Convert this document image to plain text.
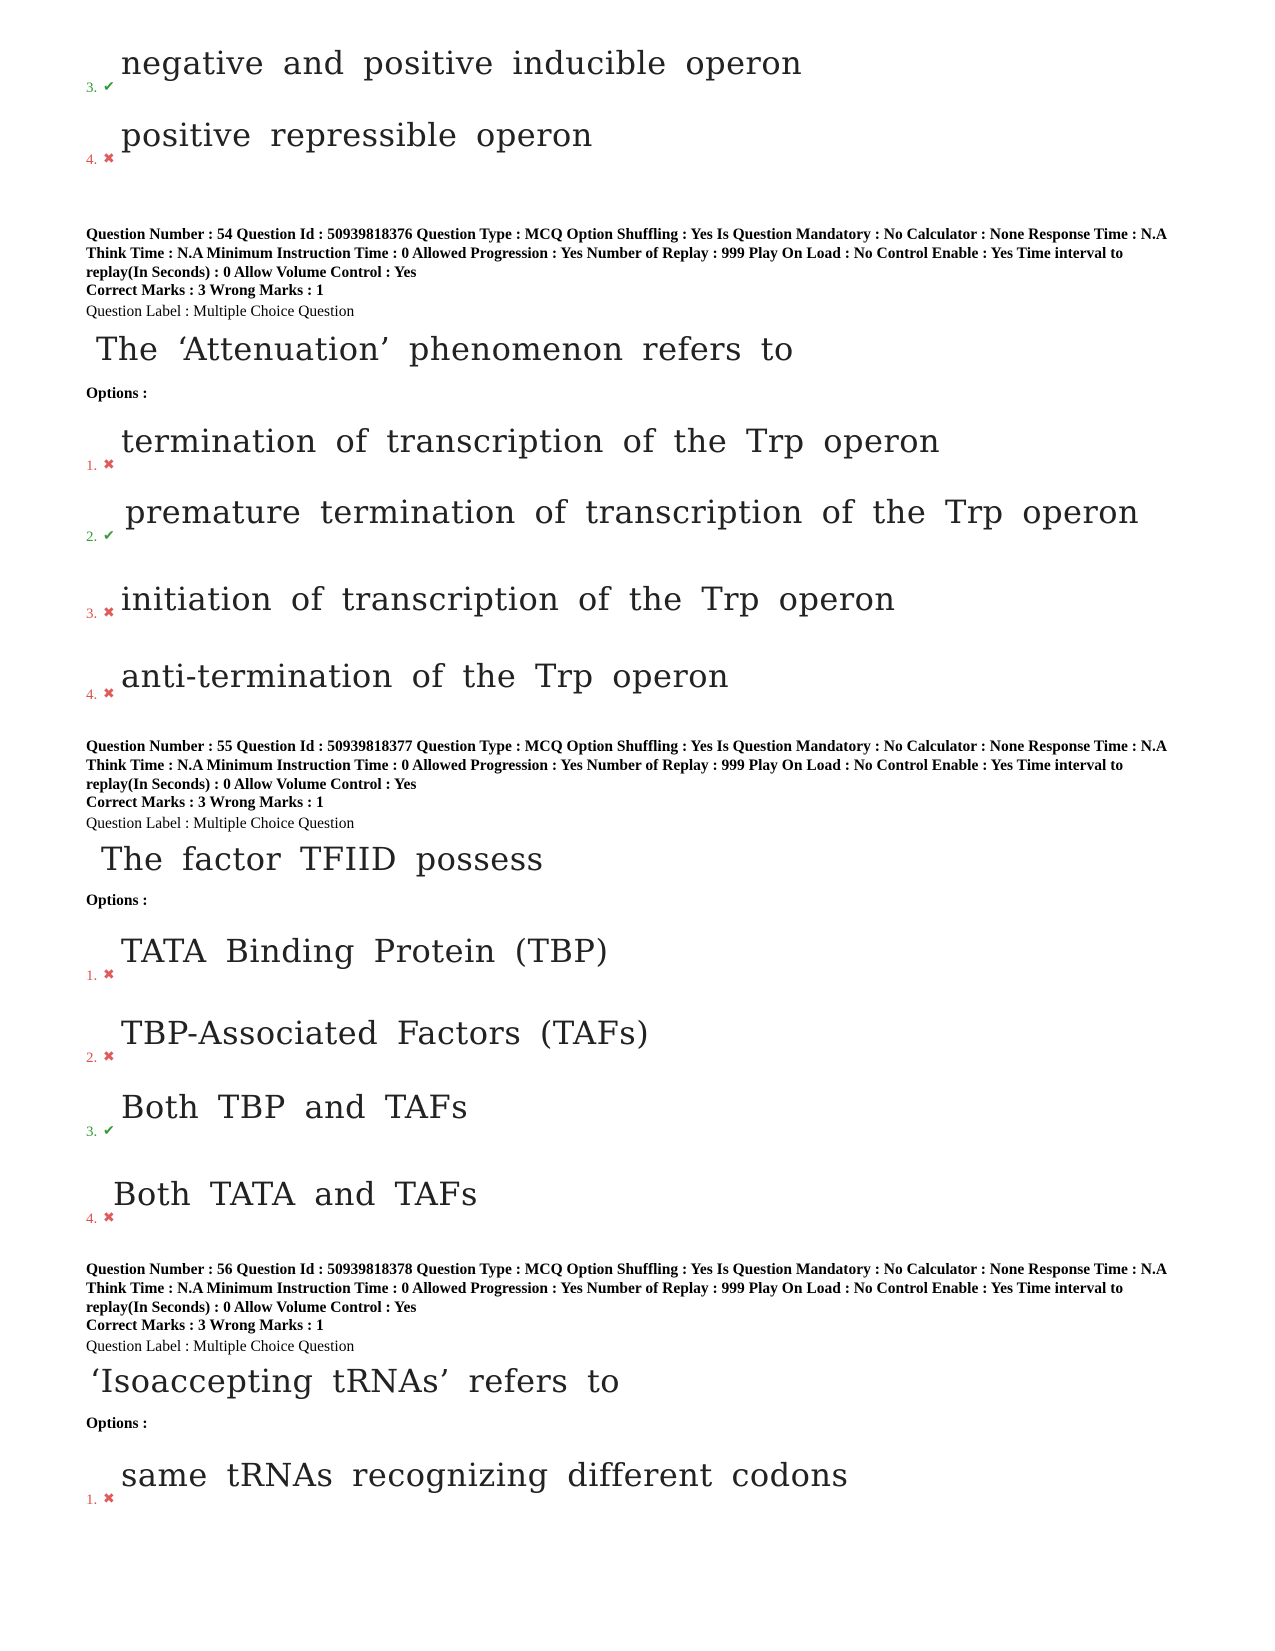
3. ✔
negative and positive inducible operon
4. ✖
positive repressible operon
Question Number : 54 Question Id : 50939818376 Question Type : MCQ Option Shuffling : Yes Is Question Mandatory : No Calculator : None Response Time : N.A Think Time : N.A Minimum Instruction Time : 0 Allowed Progression : Yes Number of Replay : 999 Play On Load : No Control Enable : Yes Time interval to replay(In Seconds) : 0 Allow Volume Control : Yes
Correct Marks : 3 Wrong Marks : 1
Question Label : Multiple Choice Question
The ‘Attenuation’ phenomenon refers to
Options :
1. ✖
termination of transcription of the Trp operon
2. ✔
premature termination of transcription of the Trp operon
3. ✖ initiation of transcription of the Trp operon
4. ✖ anti-termination of the Trp operon
Question Number : 55 Question Id : 50939818377 Question Type : MCQ Option Shuffling : Yes Is Question Mandatory : No Calculator : None Response Time : N.A Think Time : N.A Minimum Instruction Time : 0 Allowed Progression : Yes Number of Replay : 999 Play On Load : No Control Enable : Yes Time interval to replay(In Seconds) : 0 Allow Volume Control : Yes
Correct Marks : 3 Wrong Marks : 1
Question Label : Multiple Choice Question
The factor TFIID possess
Options :
1. ✖
TATA Binding Protein (TBP)
2. ✖
TBP-Associated Factors (TAFs)
3. ✔
Both TBP and TAFs
4. ✖
Both TATA and TAFs
Question Number : 56 Question Id : 50939818378 Question Type : MCQ Option Shuffling : Yes Is Question Mandatory : No Calculator : None Response Time : N.A Think Time : N.A Minimum Instruction Time : 0 Allowed Progression : Yes Number of Replay : 999 Play On Load : No Control Enable : Yes Time interval to replay(In Seconds) : 0 Allow Volume Control : Yes
Correct Marks : 3 Wrong Marks : 1
Question Label : Multiple Choice Question
‘Isoaccepting tRNAs’ refers to
Options :
1. ✖
same tRNAs recognizing different codons
